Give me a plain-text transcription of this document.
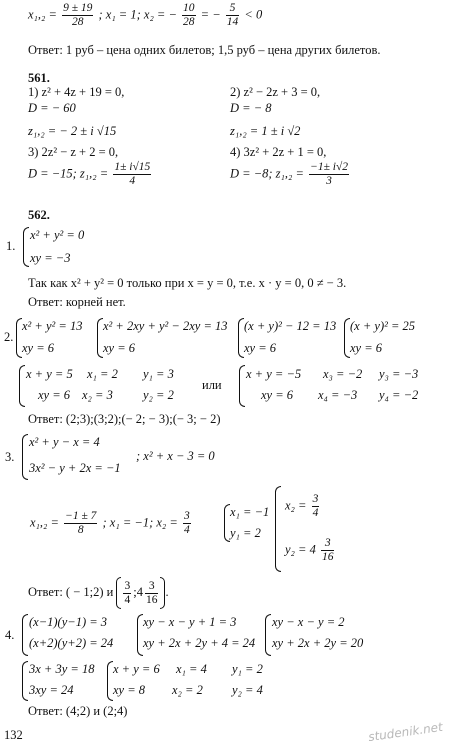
$x_1,_2 = \frac{9 \pm 19}{28}$ ; x₁ = 1; x₂ = − $\frac{10}{28}$ = − $\frac{5}{14} < 0$
Ответ: 1 руб – цена одних билетов; 1,5 руб – цена других билетов.
561.
1) z² + 4z + 19 = 0,
D = − 60
z₁,₂ = − 2 ± i √15
2) z² − 2z + 3 = 0,
D = − 8
z₁,₂ = 1 ± i √2
3) 2z² − z + 2 = 0,
D = −15; $z_1,_2 = \frac{1\pm i√15}{4}$
4) 3z² + 2z + 1 = 0,
D = −8; $z_1,_2 = \frac{-1\pm i√2}{3}$
562.
1.
x² + y² = 0
xy = −3
Так как x² + y² = 0 только при x = y = 0, т.е. x · y = 0, 0 ≠ − 3.
Ответ: корней нет.
2.
x² + y² = 13
xy = 6
x² + 2xy + y² − 2xy = 13
xy = 6
(x + y)² − 12 = 13
xy = 6
(x + y)² = 25
xy = 6
x + y = 5
xy = 6
x₁ = 2 y₁ = 3
x₂ = 3 y₂ = 2
или
x + y = −5
xy = 6
x₃ = −2 y₃ = −3
x₄ = −3 y₄ = −2
Ответ: (2;3);(3;2);(− 2; − 3);(− 3; − 2)
3.
x² + y − x = 4
3x² − y + 2x = −1
; x² + x − 3 = 0
$x_1,_2 = \frac{-1 \pm 7}{8}$ ; x₁ = −1; $x_2 = \frac{3}{4}$	x₁ = −1
y₁ = 2
$x_2 = \frac{3}{4}$
$y_2 = 4 \frac{3}{16}$
Ответ: ( − 1;2) и $\frac{3}{4}$ ;4 $\frac{3}{16}$ .
4.
(x−1)(y−1) = 3
(x+2)(y+2) = 24
xy − x − y + 1 = 3
xy + 2x + 2y + 4 = 24
xy − x − y = 2
xy + 2x + 2y = 20
3x + 3y = 18
3xy = 24
x + y = 6
xy = 8
x₁ = 4 y₁ = 2
x₂ = 2 y₂ = 4
Ответ: (4;2) и (2;4)
132	studenik.net
